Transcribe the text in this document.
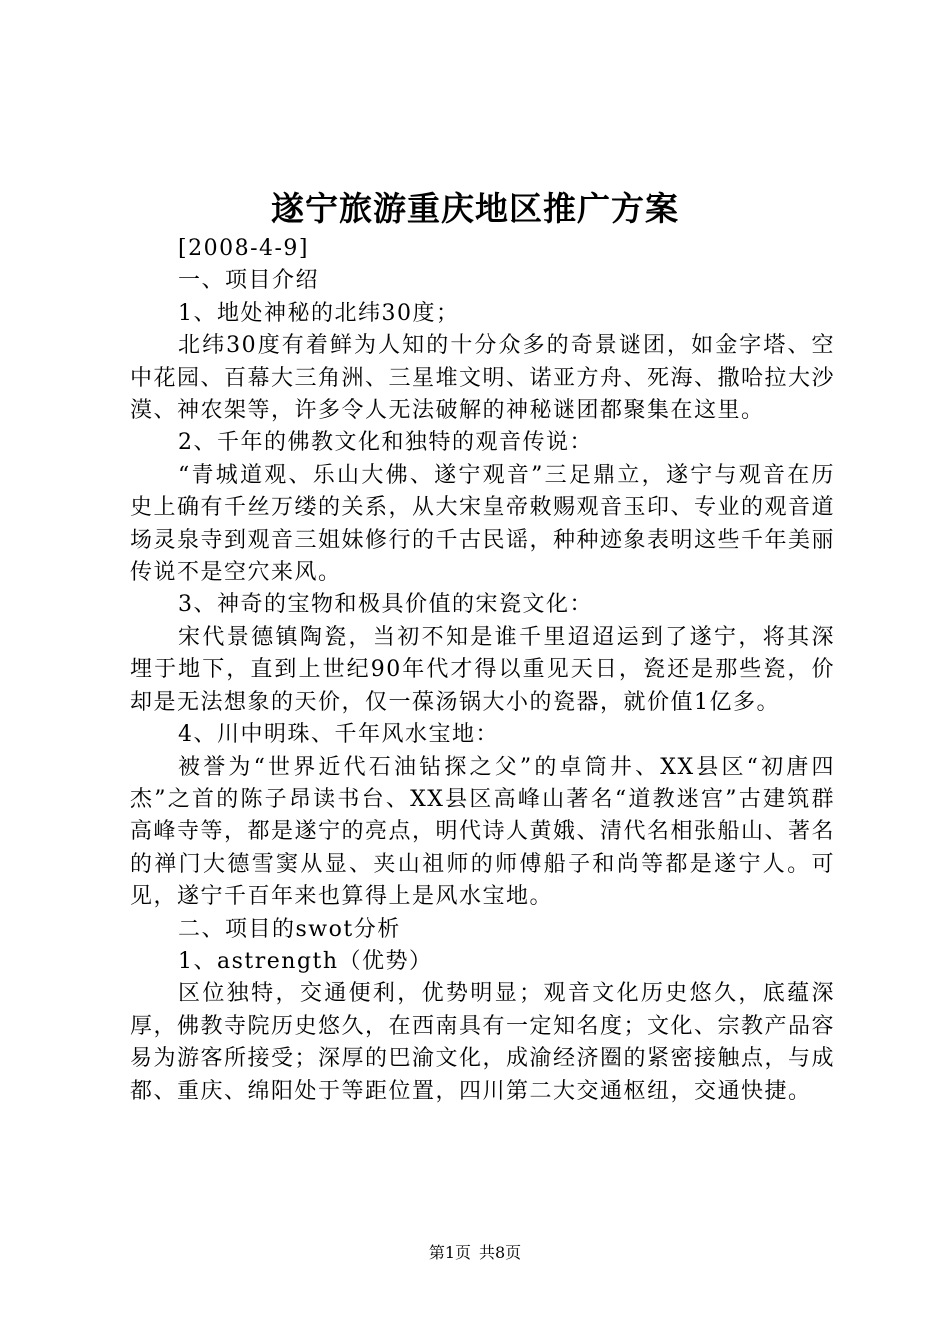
遂宁旅游重庆地区推广方案

[2008-4-9]

一、项目介绍

1、地处神秘的北纬30度；

北纬30度有着鲜为人知的十分众多的奇景谜团，如金字塔、空中花园、百幕大三角洲、三星堆文明、诺亚方舟、死海、撒哈拉大沙漠、神农架等，许多令人无法破解的神秘谜团都聚集在这里。

2、千年的佛教文化和独特的观音传说：

“青城道观、乐山大佛、遂宁观音”三足鼎立，遂宁与观音在历史上确有千丝万缕的关系，从大宋皇帝敕赐观音玉印、专业的观音道场灵泉寺到观音三姐妹修行的千古民谣，种种迹象表明这些千年美丽传说不是空穴来风。

3、神奇的宝物和极具价值的宋瓷文化：

宋代景德镇陶瓷，当初不知是谁千里迢迢运到了遂宁，将其深埋于地下，直到上世纪90年代才得以重见天日，瓷还是那些瓷，价却是无法想象的天价，仅一葆汤锅大小的瓷器，就价值1亿多。

4、川中明珠、千年风水宝地：

被誉为“世界近代石油钻探之父”的卓筒井、XX县区“初唐四杰”之首的陈子昂读书台、XX县区高峰山著名“道教迷宫”古建筑群高峰寺等，都是遂宁的亮点，明代诗人黄娥、清代名相张船山、著名的禅门大德雪窦从显、夹山祖师的师傅船子和尚等都是遂宁人。可见，遂宁千百年来也算得上是风水宝地。

二、项目的swot分析

1、astrength（优势）

区位独特，交通便利，优势明显；观音文化历史悠久，底蕴深厚，佛教寺院历史悠久，在西南具有一定知名度；文化、宗教产品容易为游客所接受；深厚的巴渝文化，成渝经济圈的紧密接触点，与成都、重庆、绵阳处于等距位置，四川第二大交通枢纽，交通快捷。

第1页 共8页
